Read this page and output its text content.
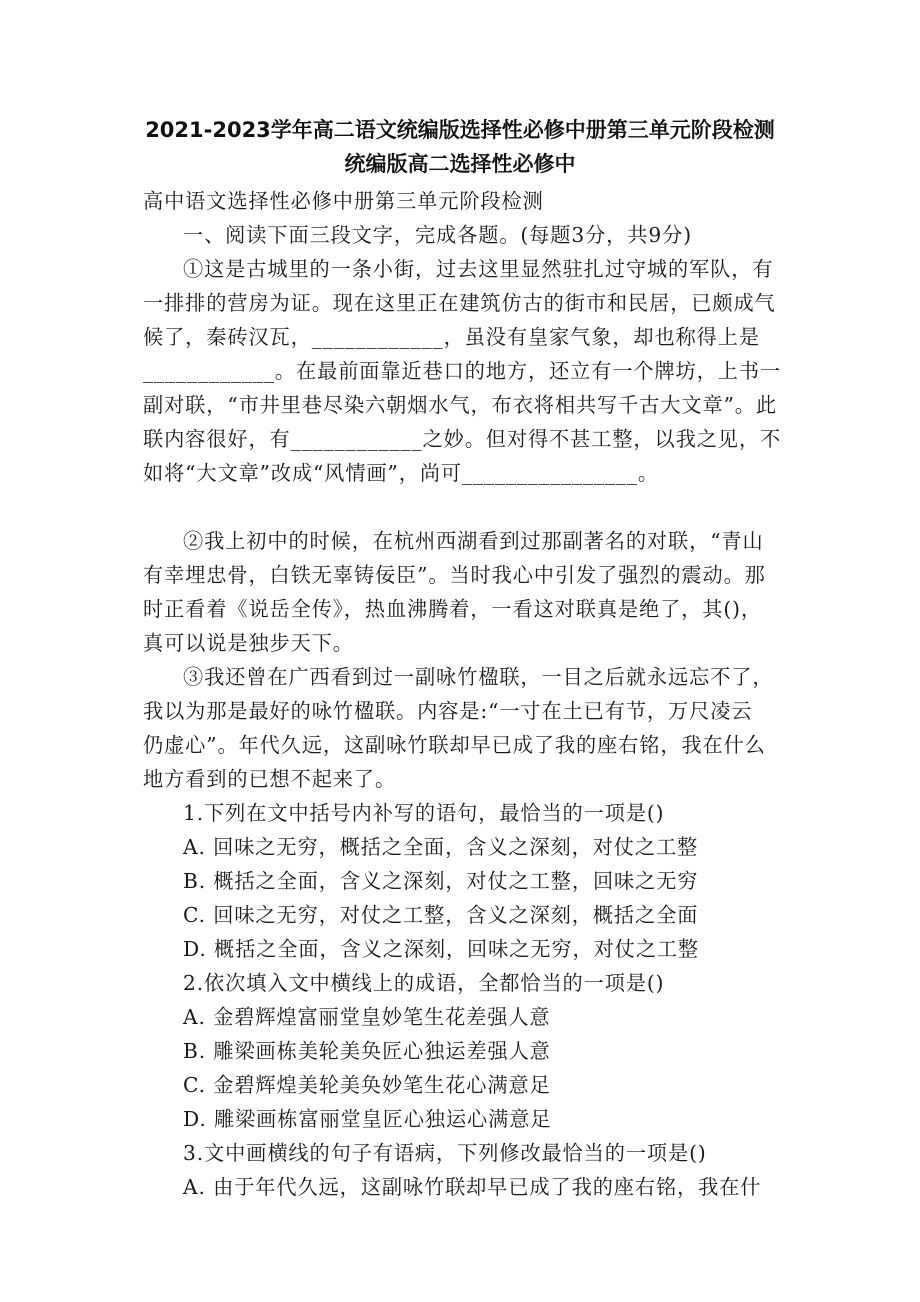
2021-2023学年高二语文统编版选择性必修中册第三单元阶段检测
统编版高二选择性必修中
高中语文选择性必修中册第三单元阶段检测
一、阅读下面三段文字，完成各题。(每题3分，共9分)
①这是古城里的一条小街，过去这里显然驻扎过守城的军队，有
一排排的营房为证。现在这里正在建筑仿古的街市和民居，已颇成气
候了，秦砖汉瓦，____________，虽没有皇家气象，却也称得上是
____________。在最前面靠近巷口的地方，还立有一个牌坊，上书一
副对联，“市井里巷尽染六朝烟水气，布衣将相共写千古大文章”。此
联内容很好，有____________之妙。但对得不甚工整，以我之见，不
如将“大文章”改成“风情画”，尚可________________。
②我上初中的时候，在杭州西湖看到过那副著名的对联，“青山
有幸埋忠骨，白铁无辜铸佞臣”。当时我心中引发了强烈的震动。那
时正看着《说岳全传》，热血沸腾着，一看这对联真是绝了，其()，
真可以说是独步天下。
③我还曾在广西看到过一副咏竹楹联，一目之后就永远忘不了，
我以为那是最好的咏竹楹联。内容是:“一寸在土已有节，万尺凌云
仍虚心”。年代久远，这副咏竹联却早已成了我的座右铭，我在什么
地方看到的已想不起来了。
1.下列在文中括号内补写的语句，最恰当的一项是()
A. 回味之无穷，概括之全面，含义之深刻，对仗之工整
B. 概括之全面，含义之深刻，对仗之工整，回味之无穷
C. 回味之无穷，对仗之工整，含义之深刻，概括之全面
D. 概括之全面，含义之深刻，回味之无穷，对仗之工整
2.依次填入文中横线上的成语，全都恰当的一项是()
A. 金碧辉煌富丽堂皇妙笔生花差强人意
B. 雕梁画栋美轮美奂匠心独运差强人意
C. 金碧辉煌美轮美奂妙笔生花心满意足
D. 雕梁画栋富丽堂皇匠心独运心满意足
3.文中画横线的句子有语病，下列修改最恰当的一项是()
A. 由于年代久远，这副咏竹联却早已成了我的座右铭，我在什
